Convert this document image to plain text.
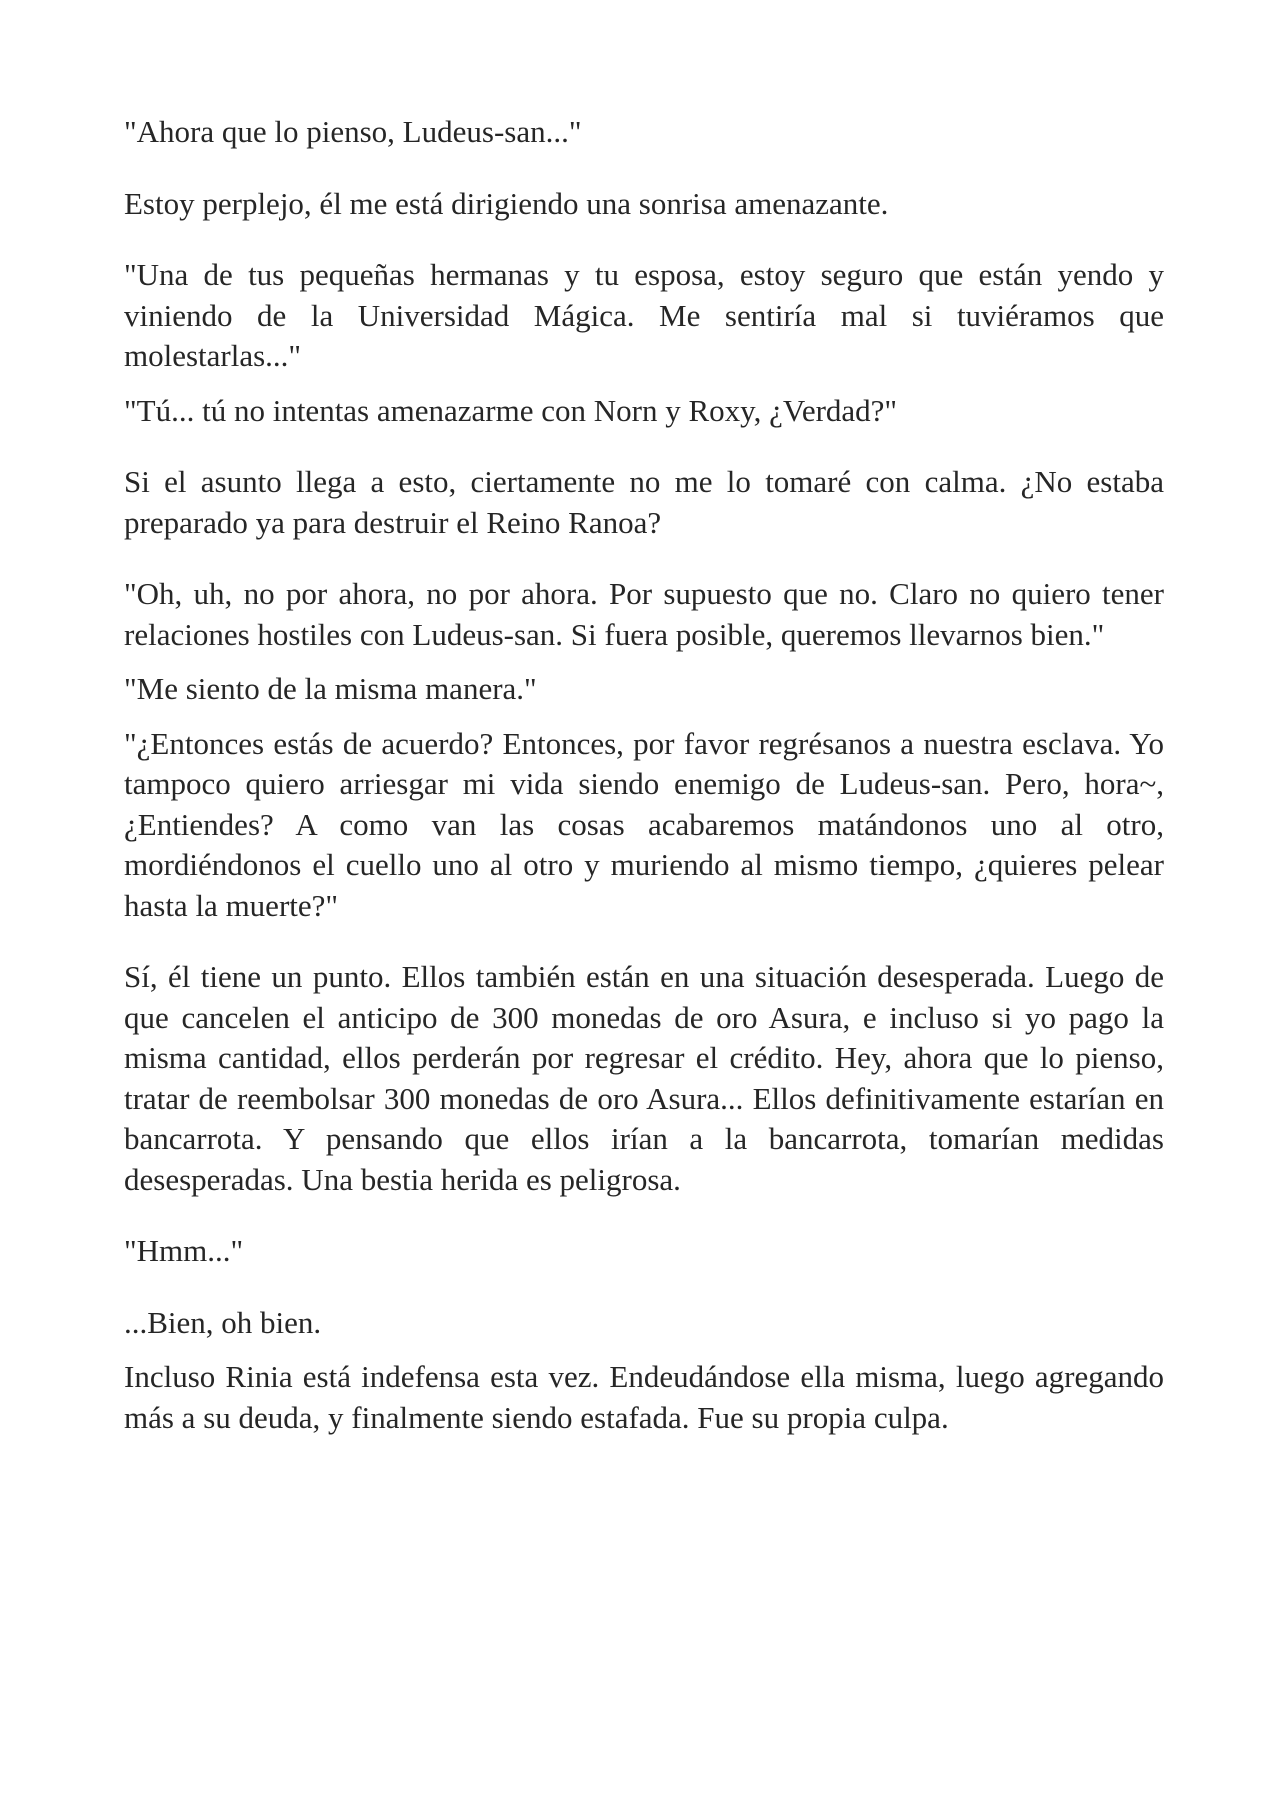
"Ahora que lo pienso, Ludeus-san..."

Estoy perplejo, él me está dirigiendo una sonrisa amenazante.

"Una de tus pequeñas hermanas y tu esposa, estoy seguro que están yendo y viniendo de la Universidad Mágica. Me sentiría mal si tuviéramos que molestarlas..."

"Tú... tú no intentas amenazarme con Norn y Roxy, ¿Verdad?"

Si el asunto llega a esto, ciertamente no me lo tomaré con calma. ¿No estaba preparado ya para destruir el Reino Ranoa?

"Oh, uh, no por ahora, no por ahora. Por supuesto que no. Claro no quiero tener relaciones hostiles con Ludeus-san. Si fuera posible, queremos llevarnos bien."

"Me siento de la misma manera."

"¿Entonces estás de acuerdo? Entonces, por favor regrésanos a nuestra esclava. Yo tampoco quiero arriesgar mi vida siendo enemigo de Ludeus-san. Pero, hora~, ¿Entiendes? A como van las cosas acabaremos matándonos uno al otro, mordiéndonos el cuello uno al otro y muriendo al mismo tiempo, ¿quieres pelear hasta la muerte?"

Sí, él tiene un punto. Ellos también están en una situación desesperada. Luego de que cancelen el anticipo de 300 monedas de oro Asura, e incluso si yo pago la misma cantidad, ellos perderán por regresar el crédito. Hey, ahora que lo pienso, tratar de reembolsar 300 monedas de oro Asura... Ellos definitivamente estarían en bancarrota. Y pensando que ellos irían a la bancarrota, tomarían medidas desesperadas. Una bestia herida es peligrosa.

"Hmm..."

...Bien, oh bien.

Incluso Rinia está indefensa esta vez. Endeudándose ella misma, luego agregando más a su deuda, y finalmente siendo estafada. Fue su propia culpa.
